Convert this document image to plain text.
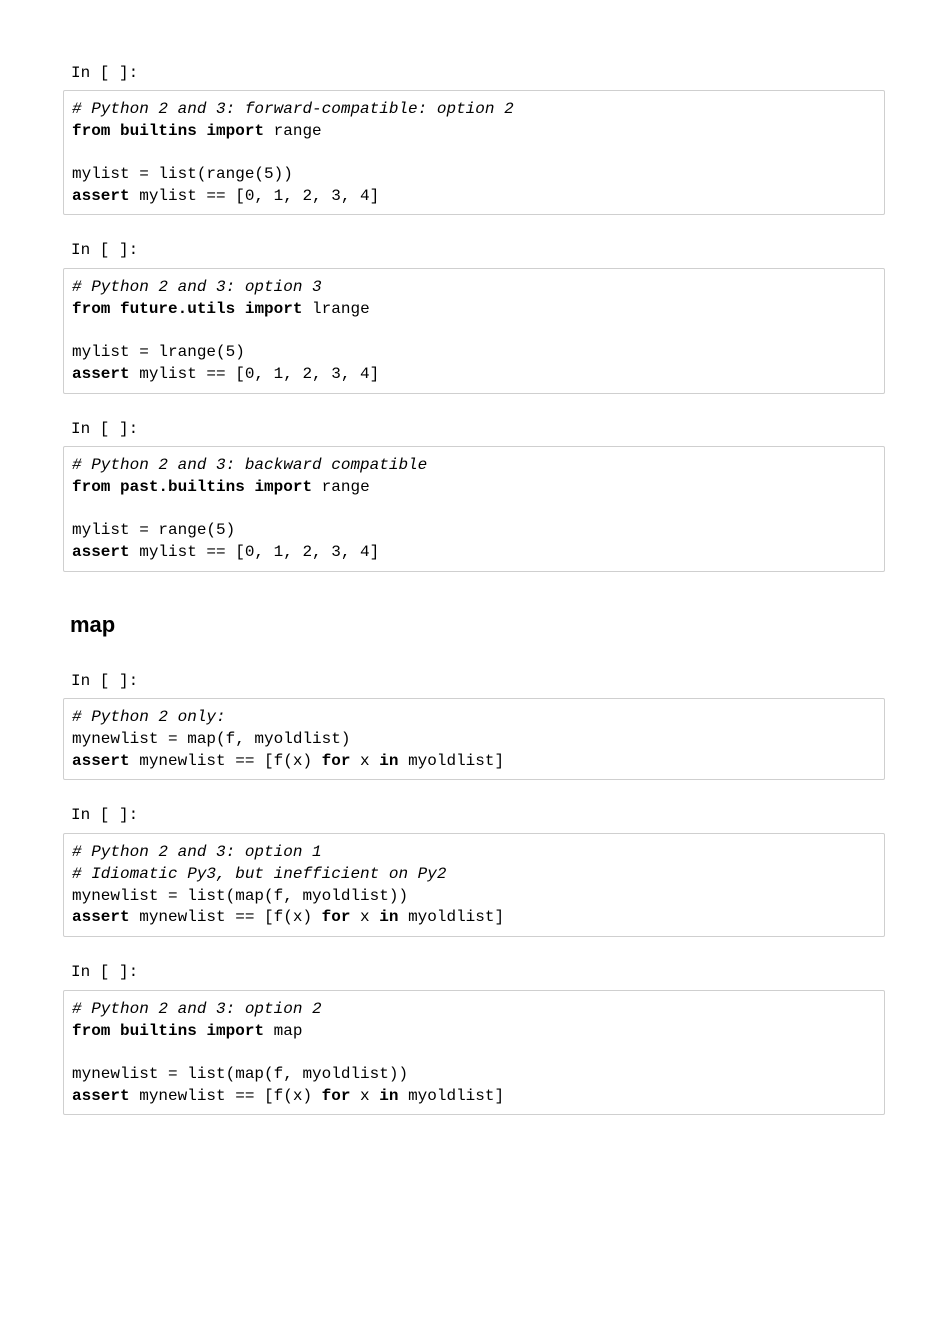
In [ ]:
# Python 2 and 3: forward-compatible: option 2
from builtins import range
mylist = list(range(5))
assert mylist == [0, 1, 2, 3, 4]
In [ ]:
# Python 2 and 3: option 3
from future.utils import lrange
mylist = lrange(5)
assert mylist == [0, 1, 2, 3, 4]
In [ ]:
# Python 2 and 3: backward compatible
from past.builtins import range
mylist = range(5)
assert mylist == [0, 1, 2, 3, 4]
map
In [ ]:
# Python 2 only:
mynewlist = map(f, myoldlist)
assert mynewlist == [f(x) for x in myoldlist]
In [ ]:
# Python 2 and 3: option 1
# Idiomatic Py3, but inefficient on Py2
mynewlist = list(map(f, myoldlist))
assert mynewlist == [f(x) for x in myoldlist]
In [ ]:
# Python 2 and 3: option 2
from builtins import map
mynewlist = list(map(f, myoldlist))
assert mynewlist == [f(x) for x in myoldlist]
